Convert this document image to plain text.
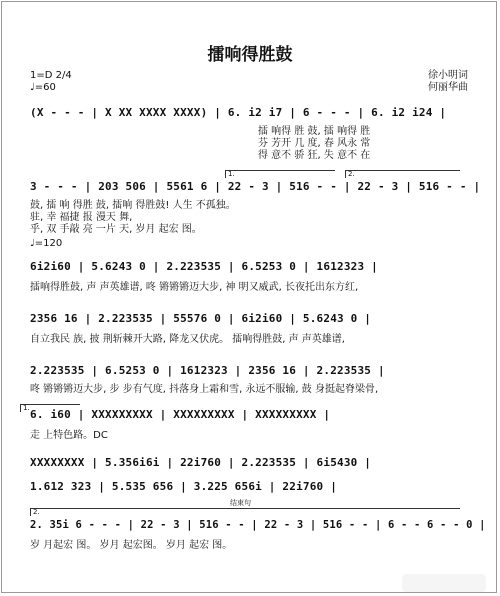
擂响得胜鼓
1=D 2/4
♩=60
徐小明词
何丽华曲
(X - - - | X XX XXXX XXXX) | 6. i2 i7 | 6 - - - | 6. i2 i24 |
擂 响得 胜 鼓, 擂 响得 胜
芬 芳开 几 度, 春 风永 常
得 意不 骄 狂, 失 意不 在
1.	2.
3 - - - | 203 506 | 5561 6 | 22 - 3 | 516 - - | 22 - 3 | 516 - - |
鼓, 擂 响 得胜 鼓, 擂响 得胜鼓! 人生 不孤独。
驻, 幸 福捷 报 漫天 舞,
乎, 双 手敲 亮 一片 天, 岁月 起宏 图。
♩=120
6i2i60 | 5.6243 0 | 2.223535 | 6.5253 0 | 1612323 |
擂响得胜鼓, 声 声英雄谱, 咚 锵锵锵迈大步, 神 明又威武, 长夜托出东方红,
2356 16 | 2.223535 | 55576 0 | 6i2i60 | 5.6243 0 |
自立我民 族, 披 荆斩棘开大路, 降龙又伏虎。 擂响得胜鼓, 声 声英雄谱,
2.223535 | 6.5253 0 | 1612323 | 2356 16 | 2.223535 |
咚 锵锵锵迈大步, 步 步有气度, 抖落身上霜和雪, 永远不服输, 鼓 身挺起脊梁骨,
1. 6. i60 | XXXXXXXXX | XXXXXXXXX | XXXXXXXXX |
走 上特色路。DC
XXXXXXXX | 5.356i6i | 22i760 | 2.223535 | 6i5430 |
1.612 323 | 5.535 656 | 3.225 656i | 22i760 |
结束句
2.
2. 35i 6 - - - | 22 - 3 | 516 - - | 22 - 3 | 516 - - | 6 - - 6 - - 0 |
岁 月起宏 图。 岁月 起宏图。 岁月 起宏 图。
